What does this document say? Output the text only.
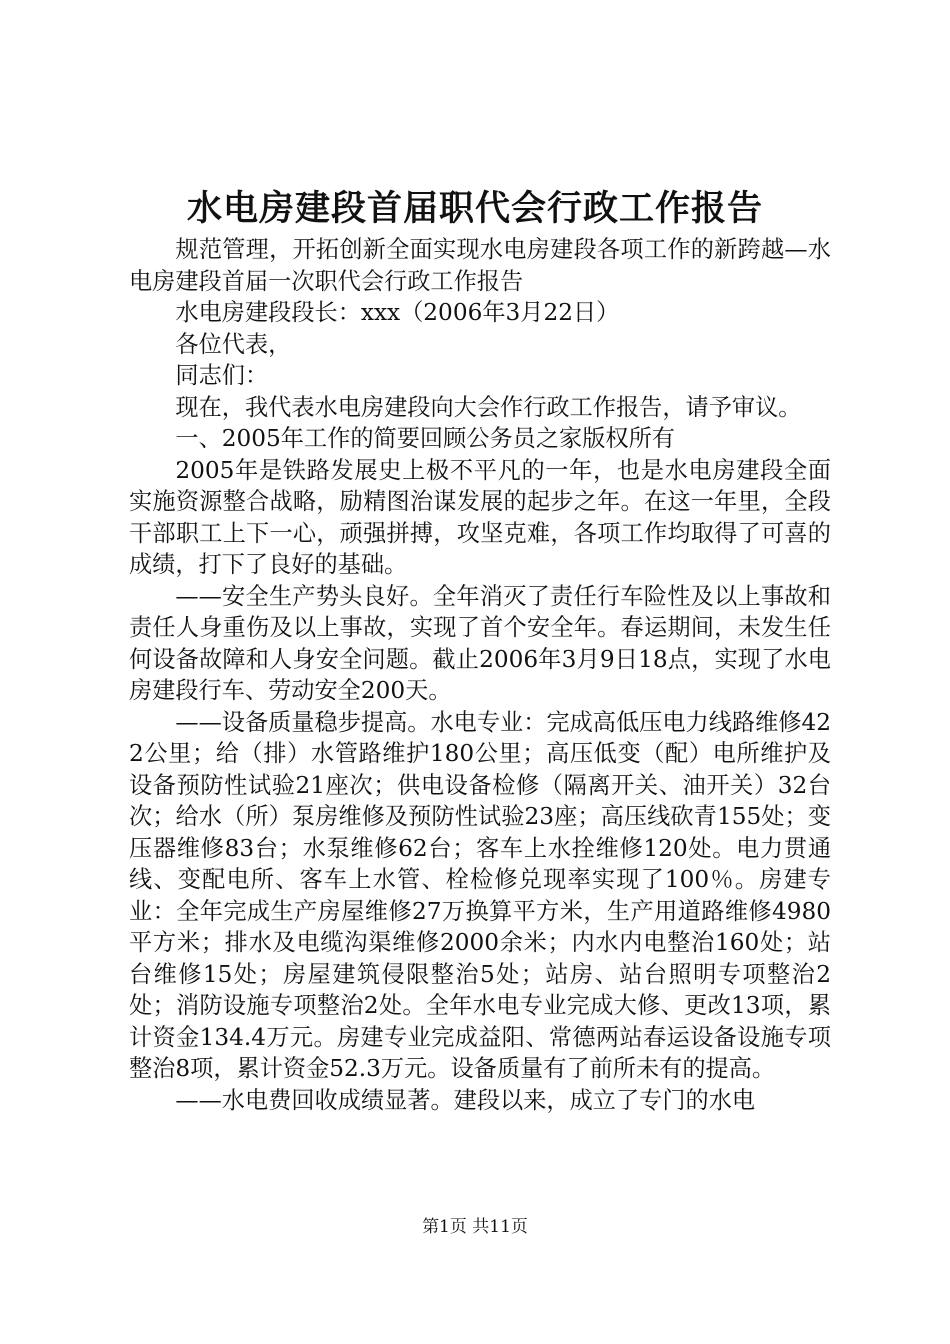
水电房建段首届职代会行政工作报告

规范管理，开拓创新全面实现水电房建段各项工作的新跨越—水电房建段首届一次职代会行政工作报告

水电房建段段长：xxx（2006年3月22日）

各位代表，

同志们：

现在，我代表水电房建段向大会作行政工作报告，请予审议。

一、2005年工作的简要回顾公务员之家版权所有

2005年是铁路发展史上极不平凡的一年，也是水电房建段全面实施资源整合战略，励精图治谋发展的起步之年。在这一年里，全段干部职工上下一心，顽强拼搏，攻坚克难，各项工作均取得了可喜的成绩，打下了良好的基础。

——安全生产势头良好。全年消灭了责任行车险性及以上事故和责任人身重伤及以上事故，实现了首个安全年。春运期间，未发生任何设备故障和人身安全问题。截止2006年3月9日18点，实现了水电房建段行车、劳动安全200天。

——设备质量稳步提高。水电专业：完成高低压电力线路维修422公里；给（排）水管路维护180公里；高压低变（配）电所维护及设备预防性试验21座次；供电设备检修（隔离开关、油开关）32台次；给水（所）泵房维修及预防性试验23座；高压线砍青155处；变压器维修83台；水泵维修62台；客车上水拴维修120处。电力贯通线、变配电所、客车上水管、栓检修兑现率实现了100％。房建专业：全年完成生产房屋维修27万换算平方米，生产用道路维修4980平方米；排水及电缆沟渠维修2000余米；内水内电整治160处；站台维修15处；房屋建筑侵限整治5处；站房、站台照明专项整治2处；消防设施专项整治2处。全年水电专业完成大修、更改13项，累计资金134.4万元。房建专业完成益阳、常德两站春运设备设施专项整治8项，累计资金52.3万元。设备质量有了前所未有的提高。

——水电费回收成绩显著。建段以来，成立了专门的水电

第1页 共11页
